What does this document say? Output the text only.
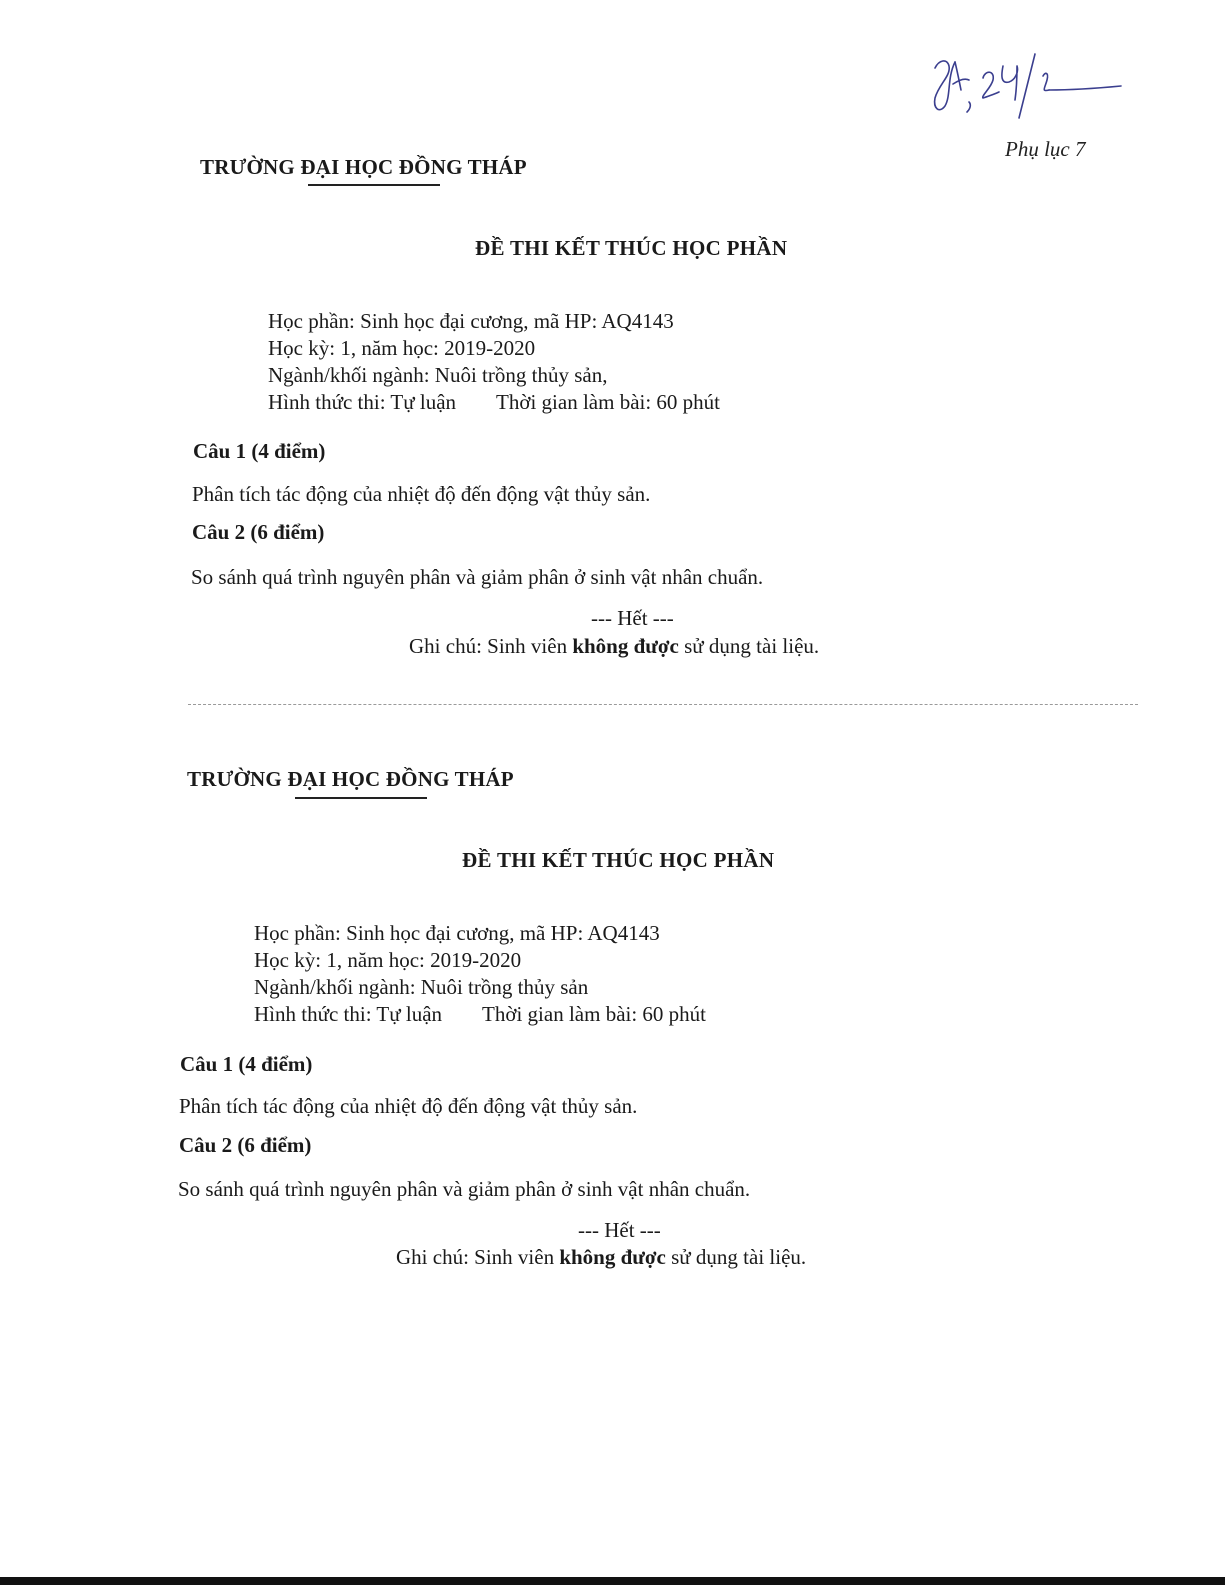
Phụ lục 7
TRƯỜNG ĐẠI HỌC ĐỒNG THÁP
ĐỀ THI KẾT THÚC HỌC PHẦN
Học phần: Sinh học đại cương, mã HP: AQ4143
Học kỳ: 1, năm học: 2019-2020
Ngành/khối ngành: Nuôi trồng thủy sản,
Hình thức thi: Tự luận Thời gian làm bài: 60 phút
Câu 1 (4 điểm)
Phân tích tác động của nhiệt độ đến động vật thủy sản.
Câu 2 (6 điểm)
So sánh quá trình nguyên phân và giảm phân ở sinh vật nhân chuẩn.
--- Hết ---
Ghi chú: Sinh viên không được sử dụng tài liệu.
TRƯỜNG ĐẠI HỌC ĐỒNG THÁP
ĐỀ THI KẾT THÚC HỌC PHẦN
Học phần: Sinh học đại cương, mã HP: AQ4143
Học kỳ: 1, năm học: 2019-2020
Ngành/khối ngành: Nuôi trồng thủy sản
Hình thức thi: Tự luận Thời gian làm bài: 60 phút
Câu 1 (4 điểm)
Phân tích tác động của nhiệt độ đến động vật thủy sản.
Câu 2 (6 điểm)
So sánh quá trình nguyên phân và giảm phân ở sinh vật nhân chuẩn.
--- Hết ---
Ghi chú: Sinh viên không được sử dụng tài liệu.
